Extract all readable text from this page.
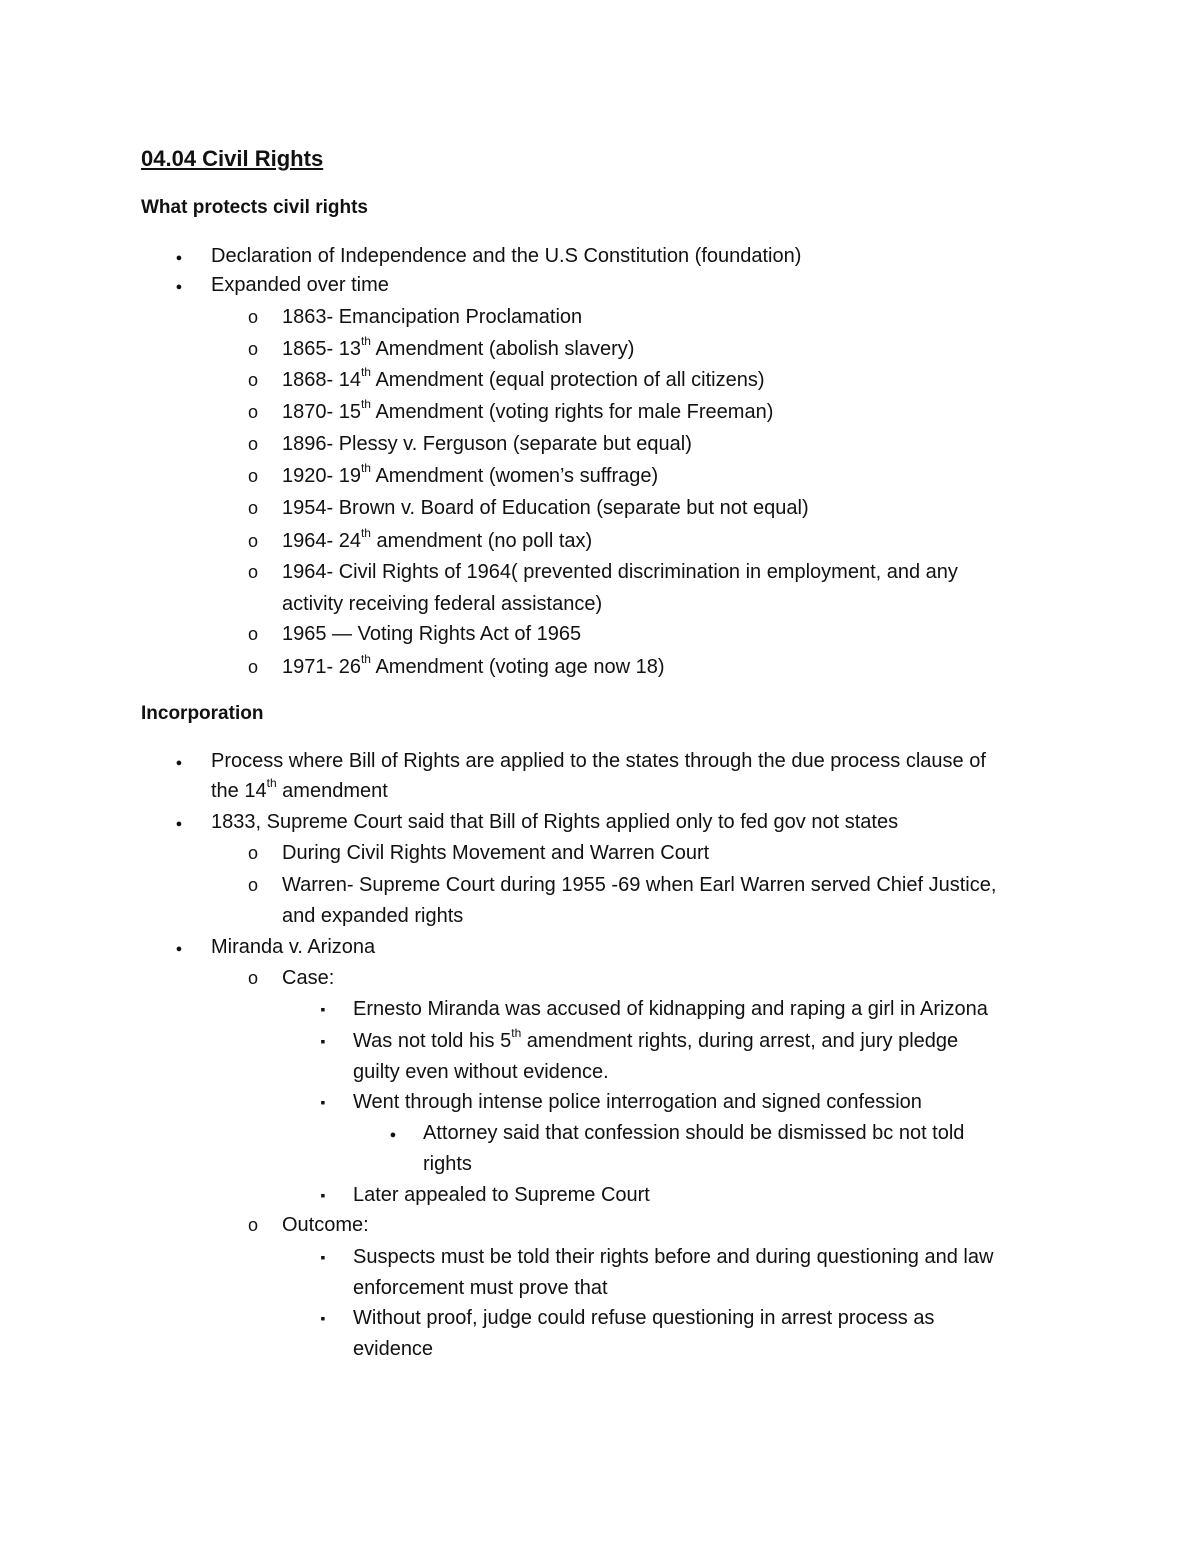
04.04 Civil Rights
What protects civil rights
●
Declaration of Independence and the U.S Constitution (foundation)
●
Expanded over time
o
1863- Emancipation Proclamation
o
1865- 13th Amendment (abolish slavery)
o
1868- 14th Amendment (equal protection of all citizens)
o
1870- 15th Amendment (voting rights for male Freeman)
o
1896- Plessy v. Ferguson (separate but equal)
o
1920- 19th Amendment (women’s suffrage)
o
1954- Brown v. Board of Education (separate but not equal)
o
1964- 24th amendment (no poll tax)
o
1964- Civil Rights of 1964( prevented discrimination in employment, and any
activity receiving federal assistance)
o
1965 — Voting Rights Act of 1965
o
1971- 26th Amendment (voting age now 18)
Incorporation
●
Process where Bill of Rights are applied to the states through the due process clause of
the 14th amendment
●
1833, Supreme Court said that Bill of Rights applied only to fed gov not states
o
During Civil Rights Movement and Warren Court
o
Warren- Supreme Court during 1955 -69 when Earl Warren served Chief Justice,
and expanded rights
●
Miranda v. Arizona
o
Case:
▪
Ernesto Miranda was accused of kidnapping and raping a girl in Arizona
▪
Was not told his 5th amendment rights, during arrest, and jury pledge
guilty even without evidence.
▪
Went through intense police interrogation and signed confession
●
Attorney said that confession should be dismissed bc not told
rights
▪
Later appealed to Supreme Court
o
Outcome:
▪
Suspects must be told their rights before and during questioning and law
enforcement must prove that
▪
Without proof, judge could refuse questioning in arrest process as
evidence
